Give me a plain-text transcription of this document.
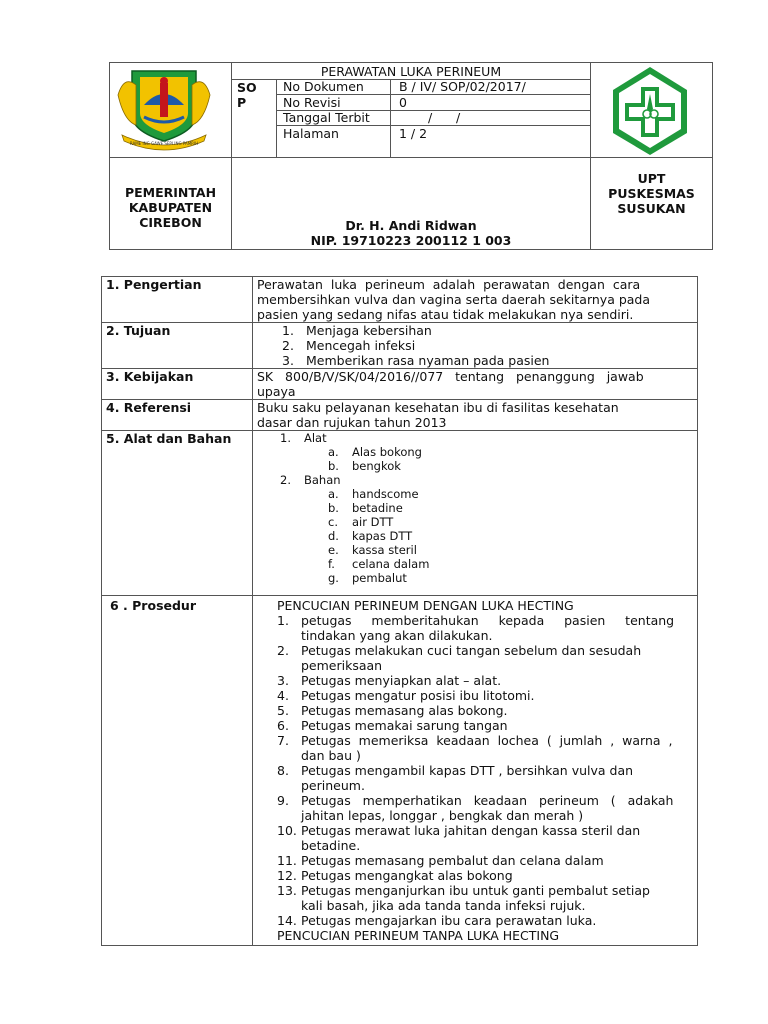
RAME ING GAWE SEPI ING PAMRIH
PERAWATAN LUKA PERINEUM
SO
P
No Dokumen	B / IV/ SOP/02/2017/
No Revisi	0
Tanggal Terbit	/      /
Halaman	1 / 2
PEMERINTAH
KABUPATEN
CIREBON	Dr. H. Andi Ridwan
NIP. 19710223 200112 1 003
UPT
PUSKESMAS
SUSUKAN
1. Pengertian	Perawatan  luka  perineum  adalah  perawatan  dengan  cara
membersihkan vulva dan vagina serta daerah sekitarnya pada
pasien yang sedang nifas atau tidak melakukan nya sendiri.
2. Tujuan	1. Menjaga kebersihan
2. Mencegah infeksi
3. Memberikan rasa nyaman pada pasien
3. Kebijakan	SK   800/B/V/SK/04/2016//077   tentang   penanggung   jawab
upaya
4. Referensi	Buku saku pelayanan kesehatan ibu di fasilitas kesehatan
dasar dan rujukan tahun 2013
5. Alat dan Bahan	1. Alat
a. Alas bokong
b. bengkok
2. Bahan
a. handscome
b. betadine
c. air DTT
d. kapas DTT
e. kassa steril
f. celana dalam
g. pembalut
6 . Prosedur	PENCUCIAN PERINEUM DENGAN LUKA HECTING
1. petugas     memberitahukan     kepada     pasien     tentang
tindakan yang akan dilakukan.
2. Petugas melakukan cuci tangan sebelum dan sesudah
pemeriksaan
3. Petugas menyiapkan alat – alat.
4. Petugas mengatur posisi ibu litotomi.
5. Petugas memasang alas bokong.
6. Petugas memakai sarung tangan
7. Petugas  memeriksa  keadaan  lochea  (  jumlah  ,  warna  ,
dan bau )
8. Petugas mengambil kapas DTT , bersihkan vulva dan
perineum.
9. Petugas   memperhatikan   keadaan   perineum   (   adakah
jahitan lepas, longgar , bengkak dan merah )
10. Petugas merawat luka jahitan dengan kassa steril dan
betadine.
11. Petugas memasang pembalut dan celana dalam
12. Petugas mengangkat alas bokong
13. Petugas menganjurkan ibu untuk ganti pembalut setiap
kali basah, jika ada tanda tanda infeksi rujuk.
14. Petugas mengajarkan ibu cara perawatan luka.
PENCUCIAN PERINEUM TANPA LUKA HECTING
